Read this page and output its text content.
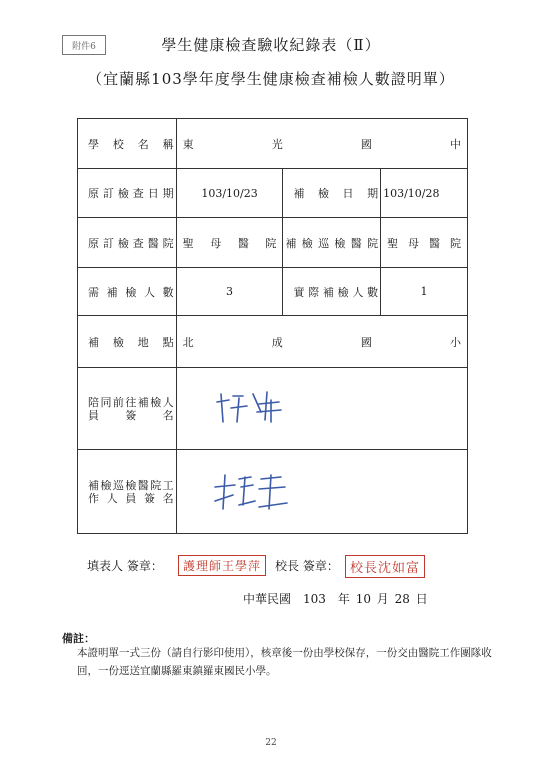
附件6	學生健康檢查驗收紀錄表（Ⅱ）
（宜蘭縣103學年度學生健康檢查補檢人數證明單）
學校名稱	東光國中		
原訂檢查日期	103/10/23	補檢日期	103/10/28
原訂檢查醫院	聖母醫院	補檢巡檢醫院	聖母醫院
需補檢人數	3	實際補檢人數	1
補檢地點	北成國小		
陪同前往補檢人員簽名	
補檢巡檢醫院工作人員簽名	
填表人 簽章：	護理師王學萍	校長 簽章： 校長沈如富
中華民國　103　年 10 月 28 日
備註：
本證明單一式三份（請自行影印使用），核章後一份由學校保存，一份交由醫院工作團隊收回，一份逕送宜蘭縣羅東鎮羅東國民小學。
22
